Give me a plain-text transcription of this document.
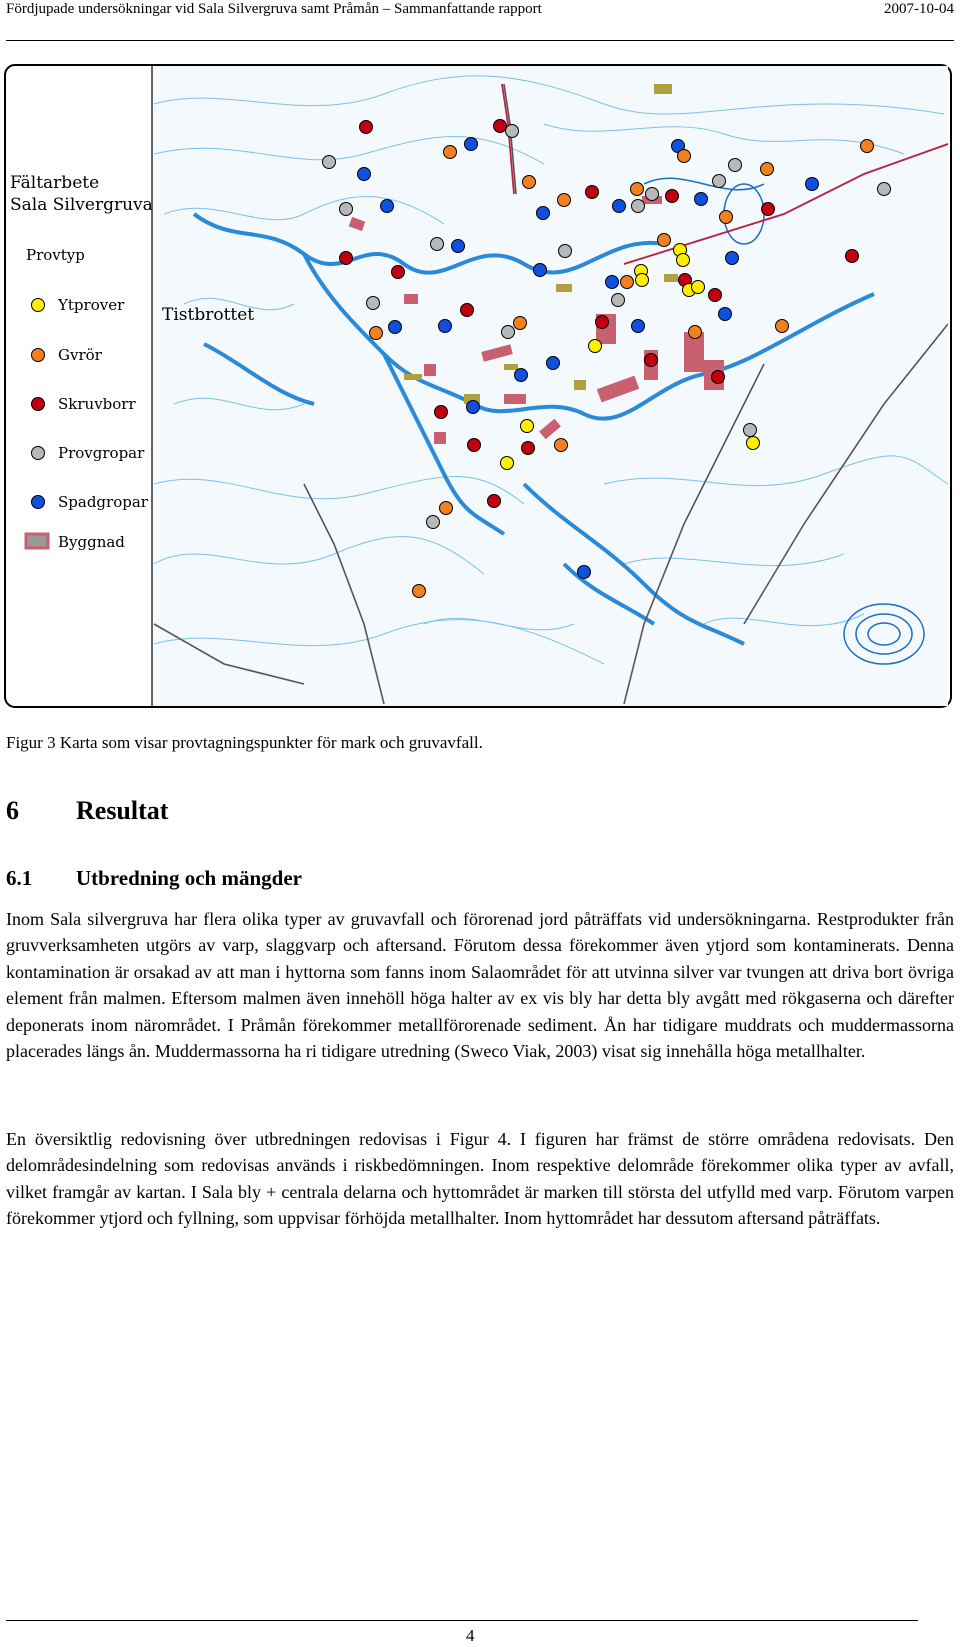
Fördjupade undersökningar vid Sala Silvergruva samt Pråmån – Sammanfattande rapport	2007-10-04
Fältarbete
Sala Silvergruva
Provtyp
Ytprover
Gvrör
Skruvborr
Provgropar
Spadgropar
Byggnad
Tistbrottet
Figur 3 Karta som visar provtagningspunkter för mark och gruvavfall.
6 Resultat
6.1 Utbredning och mängder

Inom Sala silvergruva har flera olika typer av gruvavfall och förorenad jord påträffats vid undersökningarna. Restprodukter från gruvverksamheten utgörs av varp, slaggvarp och aftersand. Förutom dessa förekommer även ytjord som kontaminerats. Denna kontamination är orsakad av att man i hyttorna som fanns inom Salaområdet för att utvinna silver var tvungen att driva bort övriga element från malmen. Eftersom malmen även innehöll höga halter av ex vis bly har detta bly avgått med rökgaserna och därefter deponerats inom närområdet. I Pråmån förekommer metallförorenade sediment. Ån har tidigare muddrats och muddermassorna placerades längs ån. Muddermassorna ha ri tidigare utredning (Sweco Viak, 2003) visat sig innehålla höga metallhalter.

En översiktlig redovisning över utbredningen redovisas i Figur 4. I figuren har främst de större områdena redovisats. Den delområdesindelning som redovisas används i riskbedömningen. Inom respektive delområde förekommer olika typer av avfall, vilket framgår av kartan. I Sala bly + centrala delarna och hyttområdet är marken till största del utfylld med varp. Förutom varpen förekommer ytjord och fyllning, som uppvisar förhöjda metallhalter. Inom hyttområdet har dessutom aftersand påträffats.

4
